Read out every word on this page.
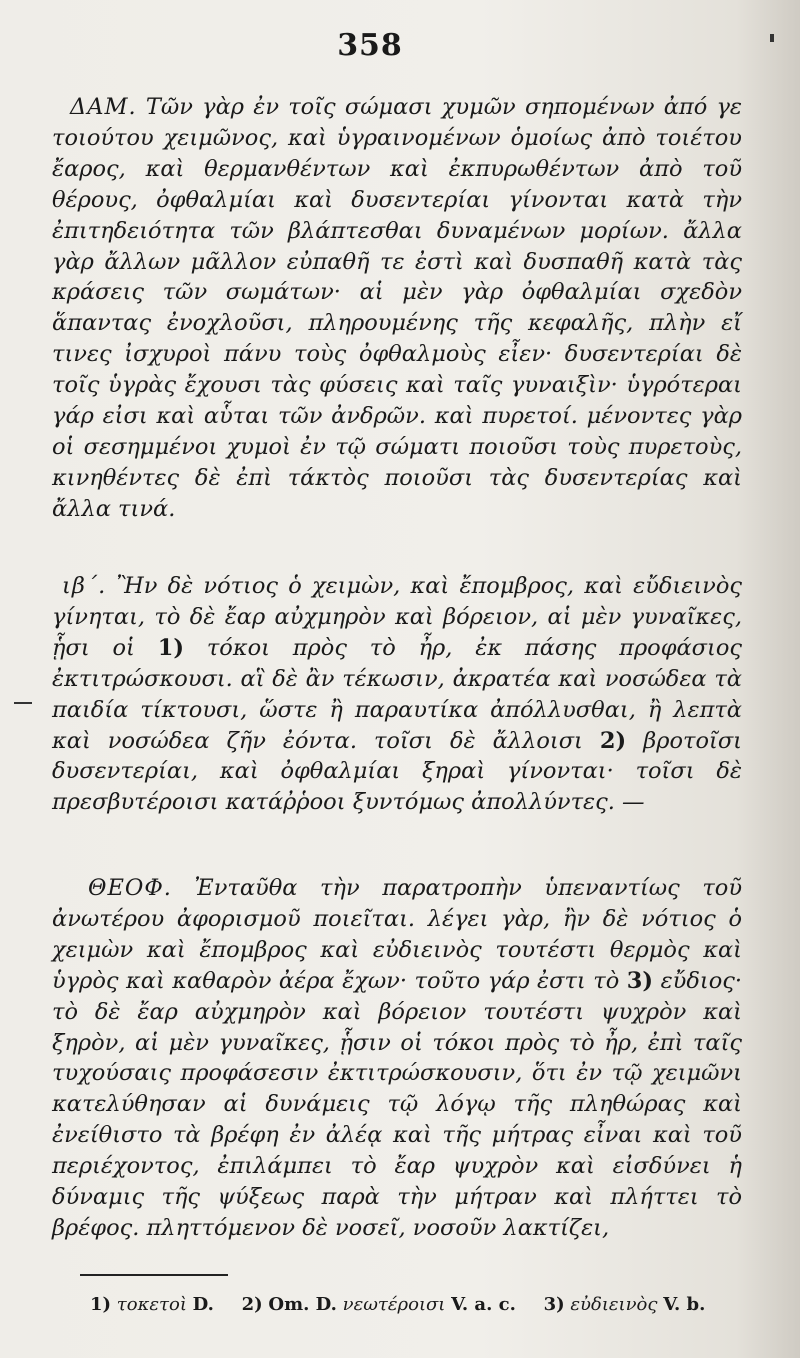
358

ΔΑΜ. Τῶν γὰρ ἐν τοῖς σώμασι χυμῶν σηπομένων ἀπό γε τοιούτου χειμῶνος, καὶ ὑγραινομένων ὁμοίως ἀπὸ τοιέτου ἔαρος, καὶ θερμανθέντων καὶ ἐκπυρωθέντων ἀπὸ τοῦ θέρους, ὀφθαλμίαι καὶ δυσεντερίαι γίνονται κατὰ τὴν ἐπιτηδειότητα τῶν βλάπτεσθαι δυναμένων μορίων. ἄλλα γὰρ ἄλλων μᾶλλον εὐπαθῆ τε ἐστὶ καὶ δυσπαθῆ κατὰ τὰς κράσεις τῶν σωμάτων· αἱ μὲν γὰρ ὀφθαλμίαι σχεδὸν ἅπαντας ἐνοχλοῦσι, πληρουμένης τῆς κεφαλῆς, πλὴν εἴ τινες ἰσχυροὶ πάνυ τοὺς ὀφθαλμοὺς εἶεν· δυσεντερίαι δὲ τοῖς ὑγρὰς ἔχουσι τὰς φύσεις καὶ ταῖς γυναιξὶν· ὑγρότεραι γάρ εἰσι καὶ αὗται τῶν ἀνδρῶν. καὶ πυρετοί. μένοντες γὰρ οἱ σεσημμένοι χυμοὶ ἐν τῷ σώματι ποιοῦσι τοὺς πυρετοὺς, κινηθέντες δὲ ἐπὶ τάκτὸς ποιοῦσι τὰς δυσεντερίας καὶ ἄλλα τινά.

ιβ΄. Ἢν δὲ νότιος ὁ χειμὼν, καὶ ἔπομβρος, καὶ εὔδιεινὸς γίνηται, τὸ δὲ ἔαρ αὐχμηρὸν καὶ βόρειον, αἱ μὲν γυναῖκες, ᾗσι οἱ 1) τόκοι πρὸς τὸ ἦρ, ἐκ πάσης προφάσιος ἐκτιτρώσκουσι. αἳ δὲ ἂν τέκωσιν, ἀκρατέα καὶ νοσώδεα τὰ παιδία τίκτουσι, ὥστε ἢ παραυτίκα ἀπόλλυσθαι, ἢ λεπτὰ καὶ νοσώδεα ζῆν ἐόντα. τοῖσι δὲ ἄλλοισι 2) βροτοῖσι δυσεντερίαι, καὶ ὀφθαλμίαι ξηραὶ γίνονται· τοῖσι δὲ πρεσβυτέροισι κατάῤῥοοι ξυντόμως ἀπολλύντες. —

ΘΕΟΦ. Ἐνταῦθα τὴν παρατροπὴν ὑπεναντίως τοῦ ἀνωτέρου ἀφορισμοῦ ποιεῖται. λέγει γὰρ, ἢν δὲ νότιος ὁ χειμὼν καὶ ἔπομβρος καὶ εὐδιεινὸς τουτέστι θερμὸς καὶ ὑγρὸς καὶ καθαρὸν ἀέρα ἔχων· τοῦτο γάρ ἐστι τὸ 3) εὔδιος· τὸ δὲ ἔαρ αὐχμηρὸν καὶ βόρειον τουτέστι ψυχρὸν καὶ ξηρὸν, αἱ μὲν γυναῖκες, ᾗσιν οἱ τόκοι πρὸς τὸ ἦρ, ἐπὶ ταῖς τυχούσαις προφάσεσιν ἐκτιτρώσκουσιν, ὅτι ἐν τῷ χειμῶνι κατελύθησαν αἱ δυνάμεις τῷ λόγῳ τῆς πληθώρας καὶ ἐνείθιστο τὰ βρέφη ἐν ἀλέᾳ καὶ τῆς μήτρας εἶναι καὶ τοῦ περιέχοντος, ἐπιλάμπει τὸ ἔαρ ψυχρὸν καὶ εἰσδύνει ἡ δύναμις τῆς ψύξεως παρὰ τὴν μήτραν καὶ πλήττει τὸ βρέφος. πληττόμενον δὲ νοσεῖ, νοσοῦν λακτίζει,

1) τοκετοὶ D. 2) Om. D. νεωτέροισι V. a. c. 3) εὐδιεινὸς V. b.
